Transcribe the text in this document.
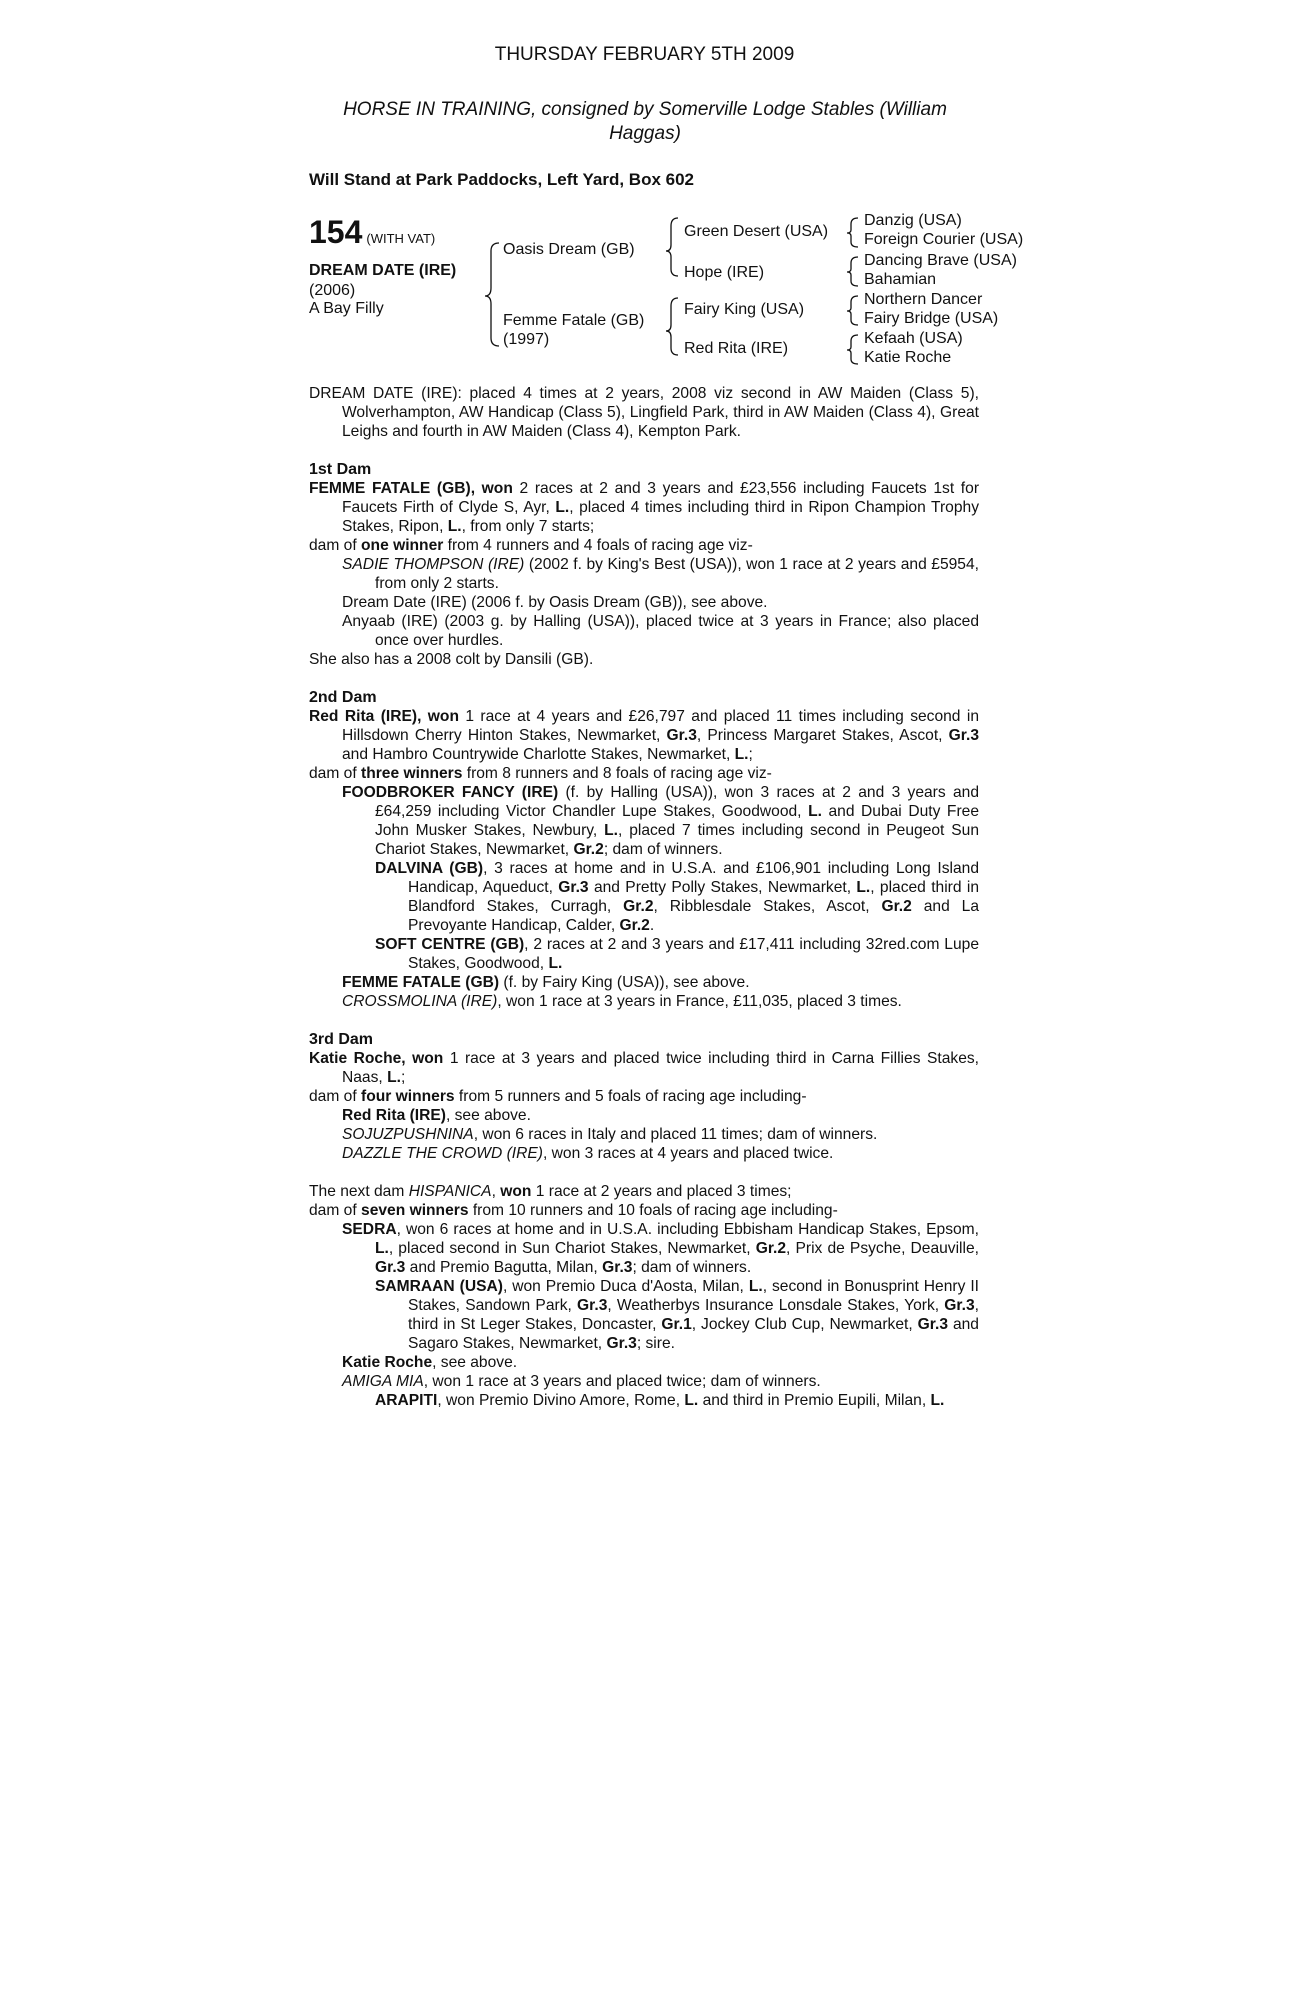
THURSDAY FEBRUARY 5TH 2009
HORSE IN TRAINING, consigned by Somerville Lodge Stables (William Haggas)
Will Stand at Park Paddocks, Left Yard, Box 602
154 (WITH VAT)
DREAM DATE (IRE)
(2006)
A Bay Filly
Oasis Dream (GB)
Femme Fatale (GB)
(1997)
Green Desert (USA)
Hope (IRE)
Fairy King (USA)
Red Rita (IRE)
Danzig (USA)
Foreign Courier (USA)
Dancing Brave (USA)
Bahamian
Northern Dancer
Fairy Bridge (USA)
Kefaah (USA)
Katie Roche

DREAM DATE (IRE): placed 4 times at 2 years, 2008 viz second in AW Maiden (Class 5), Wolverhampton, AW Handicap (Class 5), Lingfield Park, third in AW Maiden (Class 4), Great Leighs and fourth in AW Maiden (Class 4), Kempton Park.

1st Dam

FEMME FATALE (GB), won 2 races at 2 and 3 years and £23,556 including Faucets 1st for Faucets Firth of Clyde S, Ayr, L., placed 4 times including third in Ripon Champion Trophy Stakes, Ripon, L., from only 7 starts;

dam of one winner from 4 runners and 4 foals of racing age viz-

SADIE THOMPSON (IRE) (2002 f. by King's Best (USA)), won 1 race at 2 years and £5954, from only 2 starts.

Dream Date (IRE) (2006 f. by Oasis Dream (GB)), see above.

Anyaab (IRE) (2003 g. by Halling (USA)), placed twice at 3 years in France; also placed once over hurdles.

She also has a 2008 colt by Dansili (GB).

2nd Dam

Red Rita (IRE), won 1 race at 4 years and £26,797 and placed 11 times including second in Hillsdown Cherry Hinton Stakes, Newmarket, Gr.3, Princess Margaret Stakes, Ascot, Gr.3 and Hambro Countrywide Charlotte Stakes, Newmarket, L.;

dam of three winners from 8 runners and 8 foals of racing age viz-

FOODBROKER FANCY (IRE) (f. by Halling (USA)), won 3 races at 2 and 3 years and £64,259 including Victor Chandler Lupe Stakes, Goodwood, L. and Dubai Duty Free John Musker Stakes, Newbury, L., placed 7 times including second in Peugeot Sun Chariot Stakes, Newmarket, Gr.2; dam of winners.

DALVINA (GB), 3 races at home and in U.S.A. and £106,901 including Long Island Handicap, Aqueduct, Gr.3 and Pretty Polly Stakes, Newmarket, L., placed third in Blandford Stakes, Curragh, Gr.2, Ribblesdale Stakes, Ascot, Gr.2 and La Prevoyante Handicap, Calder, Gr.2.

SOFT CENTRE (GB), 2 races at 2 and 3 years and £17,411 including 32red.com Lupe Stakes, Goodwood, L.

FEMME FATALE (GB) (f. by Fairy King (USA)), see above.

CROSSMOLINA (IRE), won 1 race at 3 years in France, £11,035, placed 3 times.

3rd Dam

Katie Roche, won 1 race at 3 years and placed twice including third in Carna Fillies Stakes, Naas, L.;

dam of four winners from 5 runners and 5 foals of racing age including-

Red Rita (IRE), see above.

SOJUZPUSHNINA, won 6 races in Italy and placed 11 times; dam of winners.

DAZZLE THE CROWD (IRE), won 3 races at 4 years and placed twice.

The next dam HISPANICA, won 1 race at 2 years and placed 3 times;

dam of seven winners from 10 runners and 10 foals of racing age including-

SEDRA, won 6 races at home and in U.S.A. including Ebbisham Handicap Stakes, Epsom, L., placed second in Sun Chariot Stakes, Newmarket, Gr.2, Prix de Psyche, Deauville, Gr.3 and Premio Bagutta, Milan, Gr.3; dam of winners.

SAMRAAN (USA), won Premio Duca d'Aosta, Milan, L., second in Bonusprint Henry II Stakes, Sandown Park, Gr.3, Weatherbys Insurance Lonsdale Stakes, York, Gr.3, third in St Leger Stakes, Doncaster, Gr.1, Jockey Club Cup, Newmarket, Gr.3 and Sagaro Stakes, Newmarket, Gr.3; sire.

Katie Roche, see above.

AMIGA MIA, won 1 race at 3 years and placed twice; dam of winners.

ARAPITI, won Premio Divino Amore, Rome, L. and third in Premio Eupili, Milan, L.
